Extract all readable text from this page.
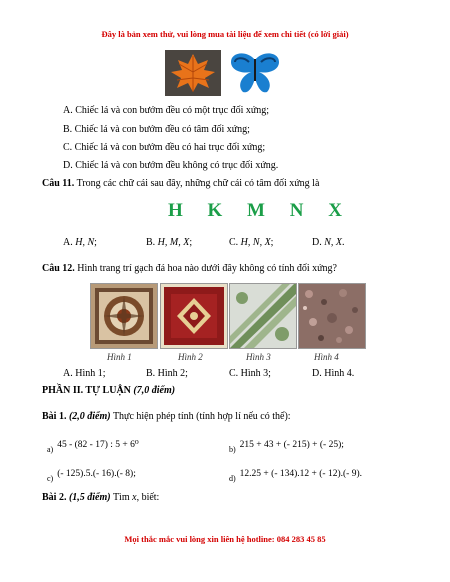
Đây là bản xem thử, vui lòng mua tài liệu để xem chi tiết (có lời giải)
A. Chiếc lá và con bướm đều có một trục đối xứng;
B. Chiếc lá và con bướm đều có tâm đối xứng;
C. Chiếc lá và con bướm đều có hai trục đối xứng;
D. Chiếc lá và con bướm đều không có trục đối xứng.
Câu 11. Trong các chữ cái sau đây, những chữ cái có tâm đối xứng là
H K M N X
A. H, N;	B. H, M, X;	C. H, N, X;	D. N, X.
Câu 12. Hình trang trí gạch đá hoa nào dưới đây không có tính đối xứng?
Hình 1	Hình 2	Hình 3	Hình 4
A. Hình 1;	B. Hình 2;	C. Hình 3;	D. Hình 4.
PHẦN II. TỰ LUẬN (7,0 điểm)
Bài 1. (2,0 điểm) Thực hiện phép tính (tính hợp lí nếu có thể):
$_{a)}$ 45 - (82 - 17) : 5 + 6⁰	$_{b)}$ 215 + 43 + (- 215) + (- 25);
$_{c)}$ (- 125).5.(- 16).(- 8);	$_{d)}$ 12.25 + (- 134).12 + (- 12).(- 9).
Bài 2. (1,5 điểm) Tìm x, biết:
Mọi thắc mắc vui lòng xin liên hệ hotline: 084 283 45 85
